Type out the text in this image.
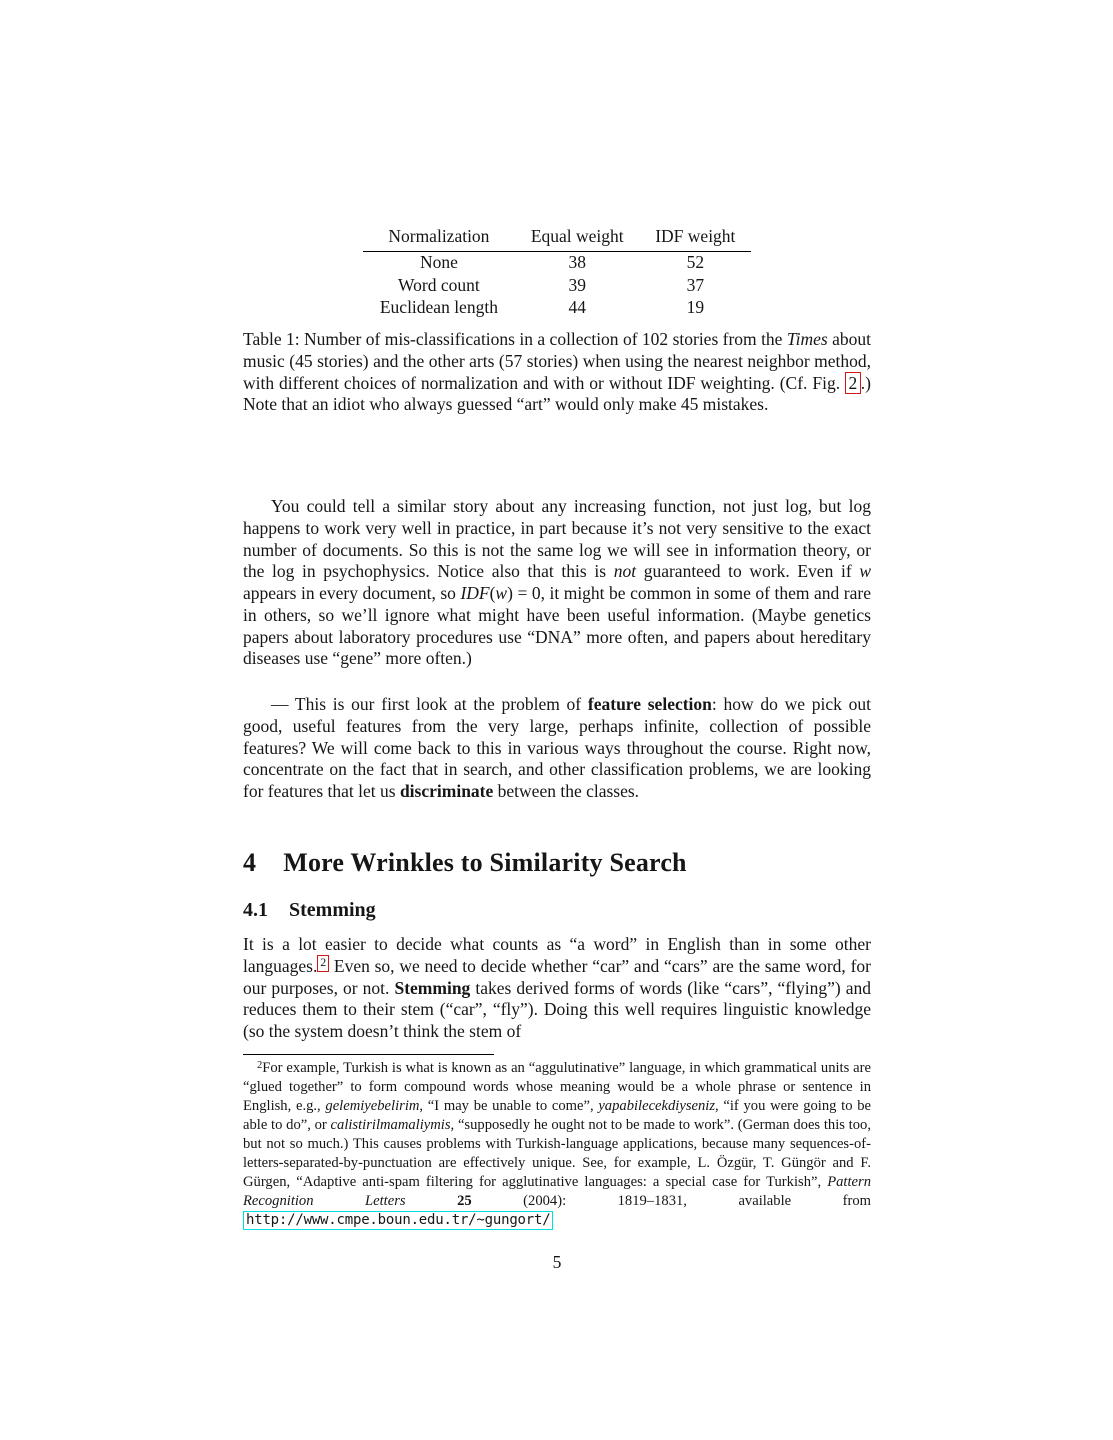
Normalization	Equal weight	IDF weight
None	38	52
Word count	39	37
Euclidean length	44	19

Table 1: Number of mis-classifications in a collection of 102 stories from the Times about music (45 stories) and the other arts (57 stories) when using the nearest neighbor method, with different choices of normalization and with or without IDF weighting. (Cf. Fig. 2 .) Note that an idiot who always guessed “art” would only make 45 mistakes.

You could tell a similar story about any increasing function, not just log, but log happens to work very well in practice, in part because it’s not very sensitive to the exact number of documents. So this is not the same log we will see in information theory, or the log in psychophysics. Notice also that this is not guaranteed to work. Even if w appears in every document, so IDF(w) = 0, it might be common in some of them and rare in others, so we’ll ignore what might have been useful information. (Maybe genetics papers about laboratory procedures use “DNA” more often, and papers about hereditary diseases use “gene” more often.)

— This is our first look at the problem of feature selection: how do we pick out good, useful features from the very large, perhaps infinite, collection of possible features? We will come back to this in various ways throughout the course. Right now, concentrate on the fact that in search, and other classification problems, we are looking for features that let us discriminate between the classes.

4 More Wrinkles to Similarity Search
4.1 Stemming

It is a lot easier to decide what counts as “a word” in English than in some other languages. $^2$ Even so, we need to decide whether “car” and “cars” are the same word, for our purposes, or not. Stemming takes derived forms of words (like “cars”, “flying”) and reduces them to their stem (“car”, “fly”). Doing this well requires linguistic knowledge (so the system doesn’t think the stem of

$^2$For example, Turkish is what is known as an “aggulutinative” language, in which grammatical units are “glued together” to form compound words whose meaning would be a whole phrase or sentence in English, e.g., gelemiyebelirim, “I may be unable to come”, yapabilecekdiyseniz, “if you were going to be able to do”, or calistirilmamaliymis, “supposedly he ought not to be made to work”. (German does this too, but not so much.) This causes problems with Turkish-language applications, because many sequences-of-letters-separated-by-punctuation are effectively unique. See, for example, L. Özgür, T. Güngör and F. Gürgen, “Adaptive anti-spam filtering for agglutinative languages: a special case for Turkish”, Pattern Recognition Letters	25 (2004): 1819–1831, available from http://www.cmpe.boun.edu.tr/~gungort/

5
